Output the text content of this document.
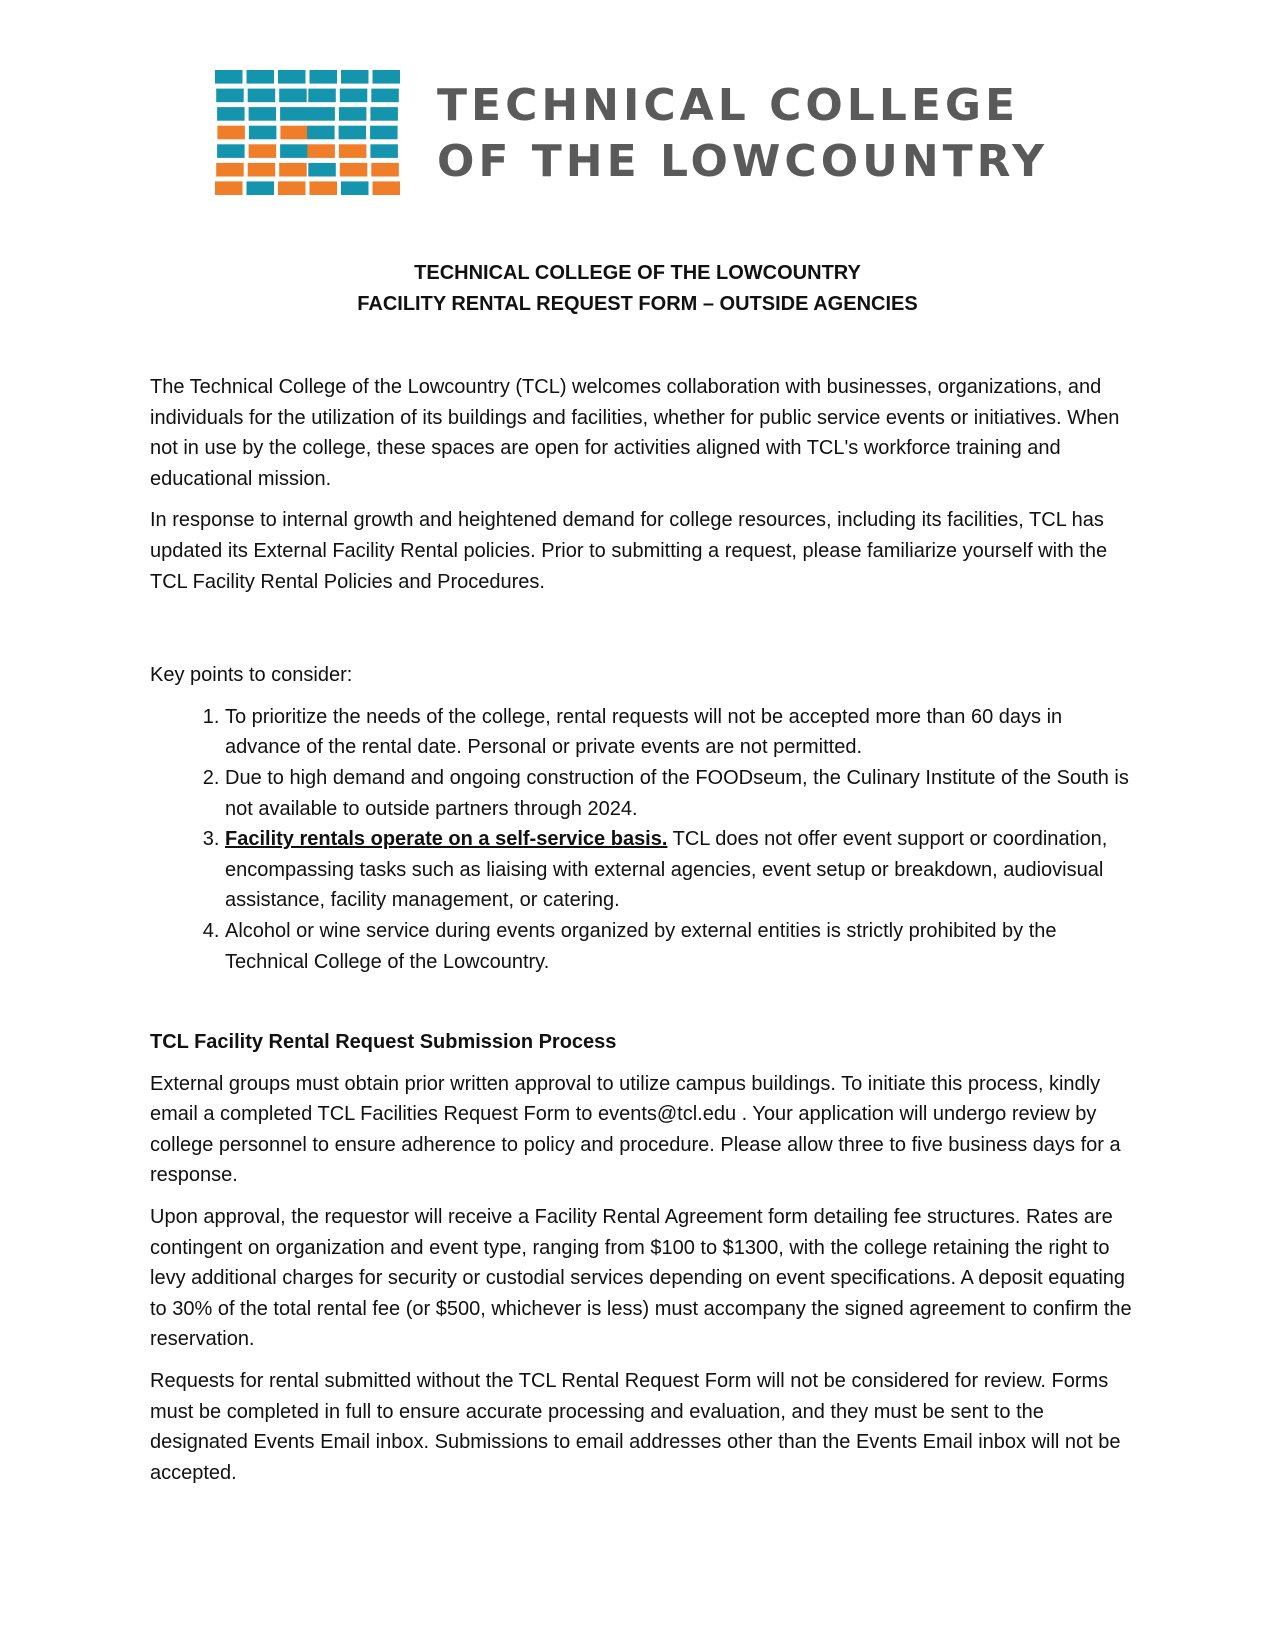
TECHNICAL COLLEGE
OF THE LOWCOUNTRY
TECHNICAL COLLEGE OF THE LOWCOUNTRY
FACILITY RENTAL REQUEST FORM – OUTSIDE AGENCIES

The Technical College of the Lowcountry (TCL) welcomes collaboration with businesses, organizations, and individuals for the utilization of its buildings and facilities, whether for public service events or initiatives. When not in use by the college, these spaces are open for activities aligned with TCL's workforce training and educational mission.

In response to internal growth and heightened demand for college resources, including its facilities, TCL has updated its External Facility Rental policies. Prior to submitting a request, please familiarize yourself with the TCL Facility Rental Policies and Procedures.

Key points to consider:

1. To prioritize the needs of the college, rental requests will not be accepted more than 60 days in advance of the rental date. Personal or private events are not permitted.
2. Due to high demand and ongoing construction of the FOODseum, the Culinary Institute of the South is not available to outside partners through 2024.
3. Facility rentals operate on a self-service basis. TCL does not offer event support or coordination, encompassing tasks such as liaising with external agencies, event setup or breakdown, audiovisual assistance, facility management, or catering.
4. Alcohol or wine service during events organized by external entities is strictly prohibited by the Technical College of the Lowcountry.

TCL Facility Rental Request Submission Process

External groups must obtain prior written approval to utilize campus buildings. To initiate this process, kindly email a completed TCL Facilities Request Form to events@tcl.edu . Your application will undergo review by college personnel to ensure adherence to policy and procedure. Please allow three to five business days for a response.

Upon approval, the requestor will receive a Facility Rental Agreement form detailing fee structures. Rates are contingent on organization and event type, ranging from $100 to $1300, with the college retaining the right to levy additional charges for security or custodial services depending on event specifications. A deposit equating to 30% of the total rental fee (or $500, whichever is less) must accompany the signed agreement to confirm the reservation.

Requests for rental submitted without the TCL Rental Request Form will not be considered for review. Forms must be completed in full to ensure accurate processing and evaluation, and they must be sent to the designated Events Email inbox. Submissions to email addresses other than the Events Email inbox will not be accepted.
